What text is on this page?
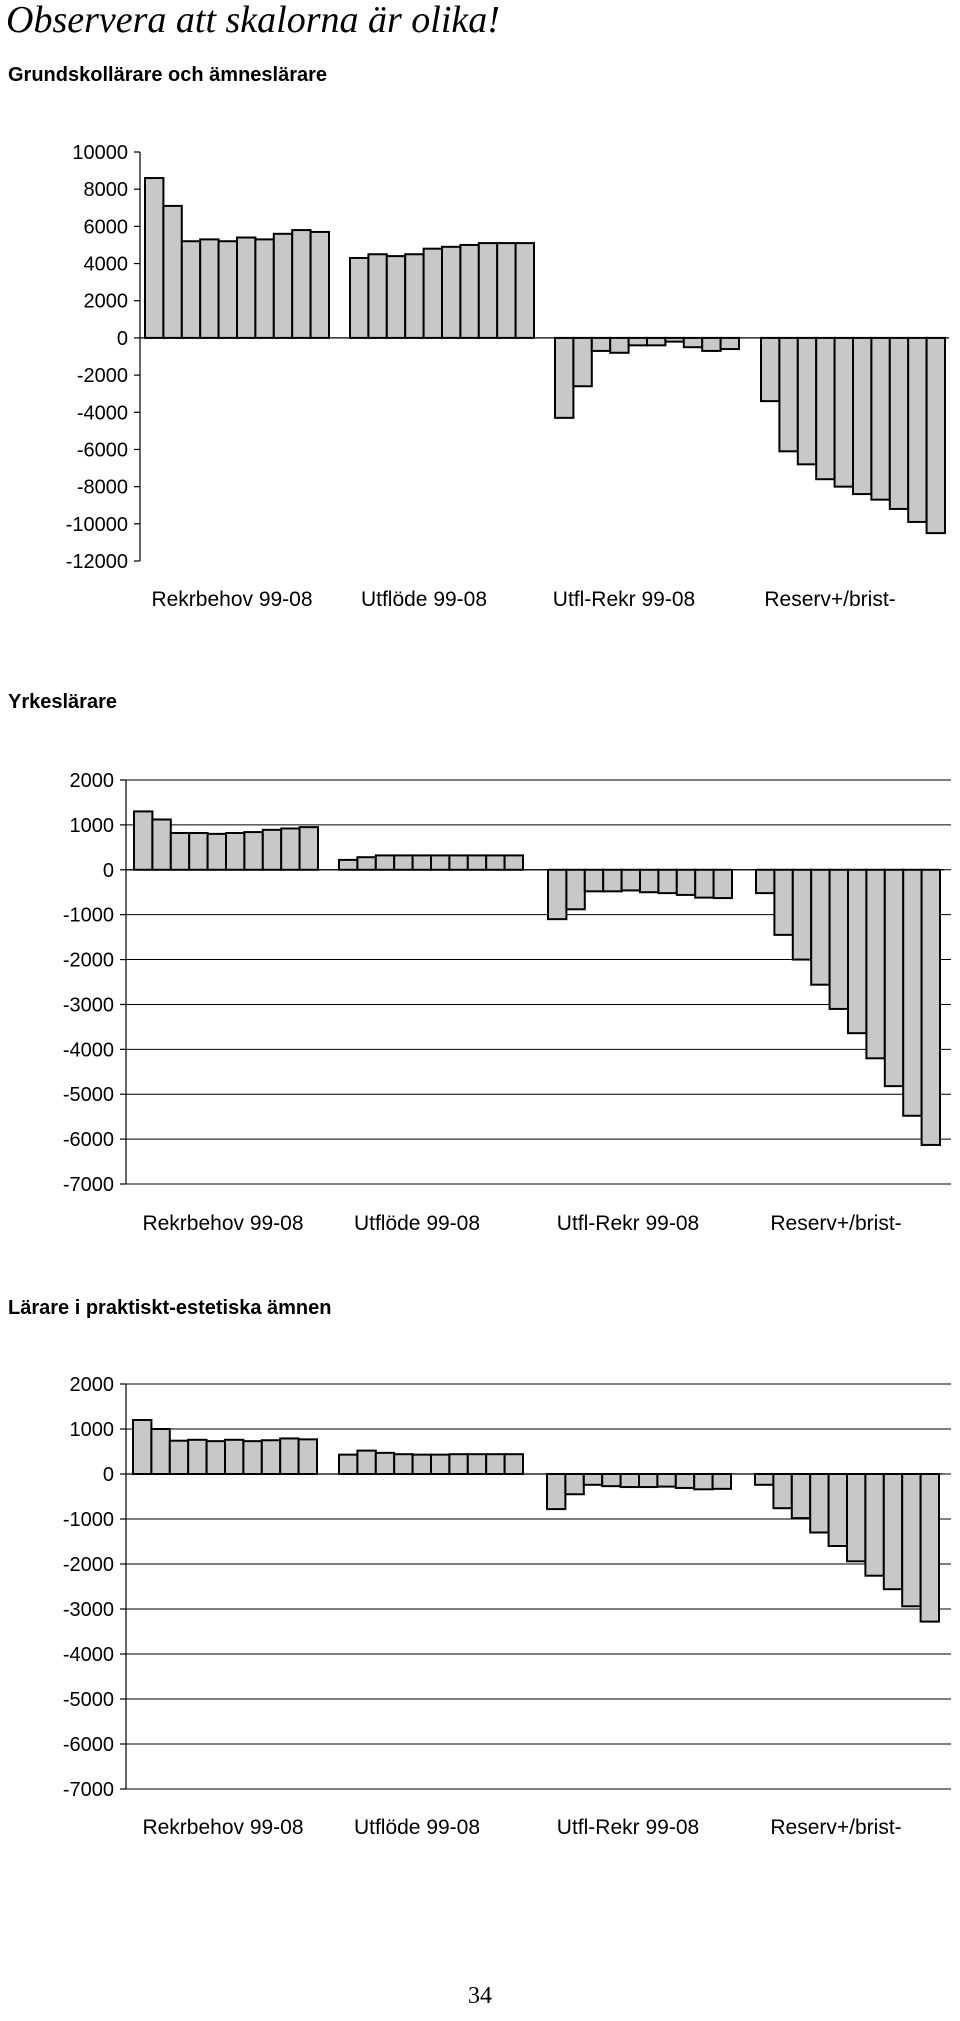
Observera att skalorna är olika!
Grundskollärare och ämneslärare
10000
8000
6000
4000
2000
0
-2000
-4000
-6000
-8000
-10000
-12000
Rekrbehov 99-08 Utflöde 99-08	Utfl-Rekr 99-08	Reserv+/brist-
Yrkeslärare
2000
1000
0
-1000
-2000
-3000
-4000
-5000
-6000
-7000
Rekrbehov 99-08 Utflöde 99-08	Utfl-Rekr 99-08	Reserv+/brist-
Lärare i praktiskt-estetiska ämnen
2000
1000
0
-1000
-2000
-3000
-4000
-5000
-6000
-7000
Rekrbehov 99-08 Utflöde 99-08	Utfl-Rekr 99-08	Reserv+/brist-
34
